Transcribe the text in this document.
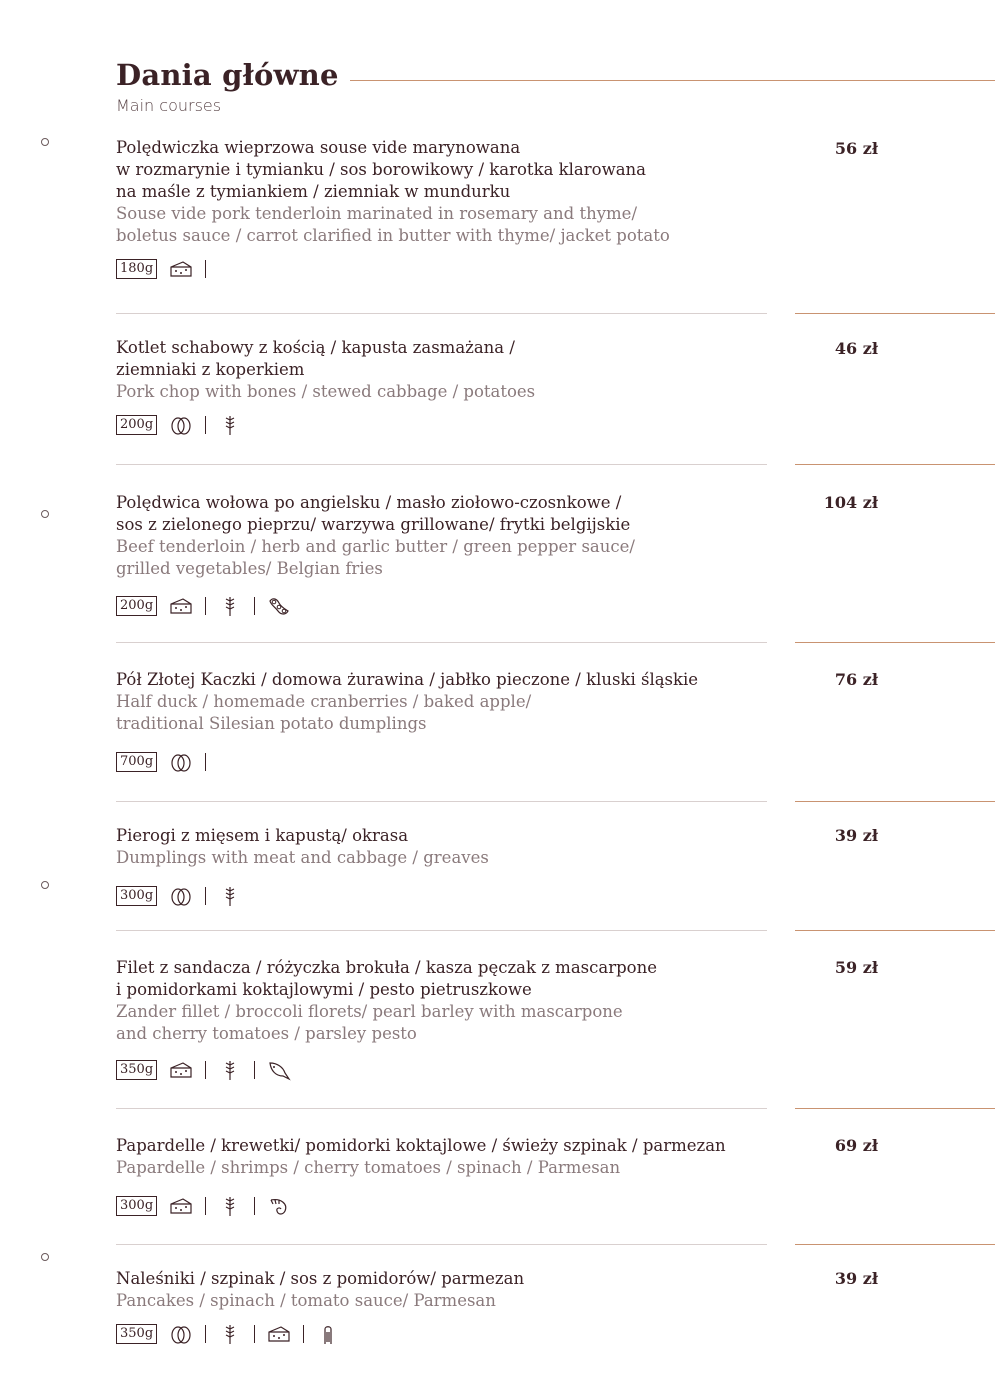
Dania główne
Main courses
Polędwiczka wieprzowa souse vide marynowana
w rozmarynie i tymianku / sos borowikowy / karotka klarowana
na maśle z tymiankiem / ziemniak w mundurku
Souse vide pork tenderloin marinated in rosemary and thyme/
boletus sauce / carrot clarified in butter with thyme/ jacket potato
56 zł
180g
Kotlet schabowy z kością / kapusta zasmażana /
ziemniaki z koperkiem
Pork chop with bones / stewed cabbage / potatoes
46 zł
200g
Polędwica wołowa po angielsku / masło ziołowo-czosnkowe /
sos z zielonego pieprzu/ warzywa grillowane/ frytki belgijskie
Beef tenderloin / herb and garlic butter / green pepper sauce/
grilled vegetables/ Belgian fries
104 zł
200g
Pół Złotej Kaczki / domowa żurawina / jabłko pieczone / kluski śląskie
Half duck / homemade cranberries / baked apple/
traditional Silesian potato dumplings
76 zł
700g
Pierogi z mięsem i kapustą/ okrasa
Dumplings with meat and cabbage / greaves
39 zł
300g
Filet z sandacza / różyczka brokuła / kasza pęczak z mascarpone
i pomidorkami koktajlowymi / pesto pietruszkowe
Zander fillet / broccoli florets/ pearl barley with mascarpone
and cherry tomatoes / parsley pesto
59 zł
350g
Papardelle / krewetki/ pomidorki koktajlowe / świeży szpinak / parmezan
Papardelle / shrimps / cherry tomatoes / spinach / Parmesan
69 zł
300g
Naleśniki / szpinak / sos z pomidorów/ parmezan
Pancakes / spinach / tomato sauce/ Parmesan
39 zł
350g
